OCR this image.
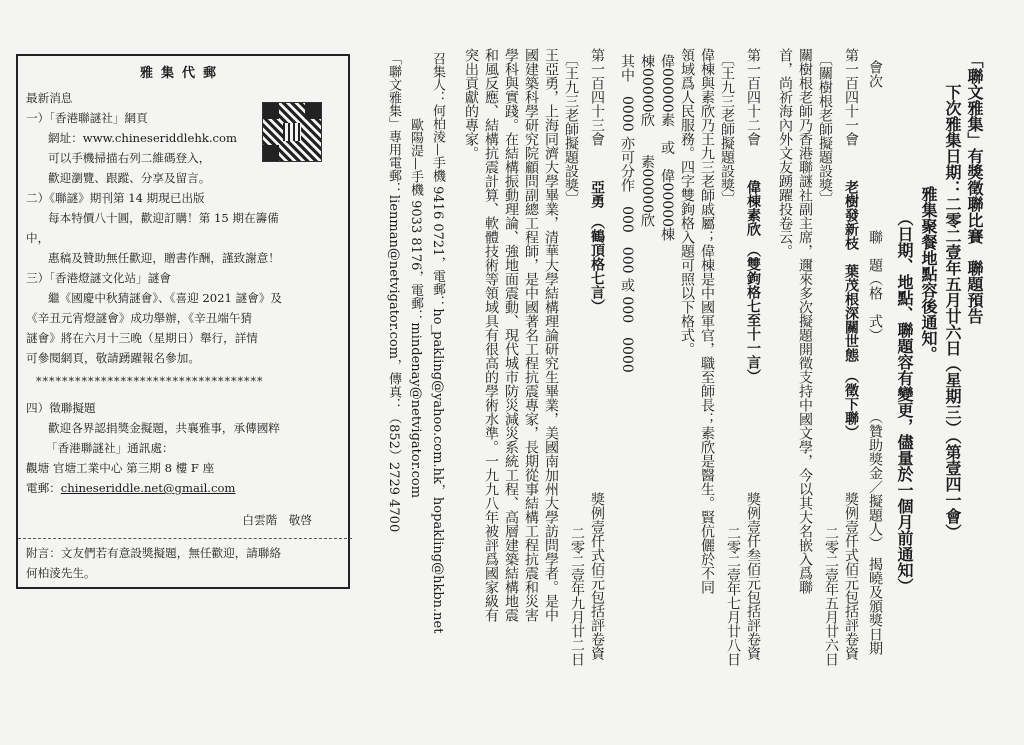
「聯文雅集」有獎徵聯比賽　聯題預告
下次雅集日期：二零二壹年五月廿六日（星期三）（第壹四一會）
雅集聚餐地點容後通知。
（日期、地點、聯題容有變更，儘量於一個月前通知）
會次
聯　題（格　式）
（贊助獎金／擬題人）　揭曉及頒獎日期
第一百四十一會
老樹發新枝　葉茂根深關世態　（徵下聯）
獎例壹仟式佰元包括評卷資
二零二壹年五月廿六日
〔關樹根老師擬題設獎〕
關樹根老師乃香港聯謎社副主席，邇來多次擬題開徵支持中國文學，今以其大名嵌入爲聯
首，尚祈海內外文友踴躍投卷云。
第一百四十二會
偉棟素欣　（雙鉤格七至十一言）
獎例壹仟叁佰元包括評卷資
二零二壹年七月廿八日
〔王九三老師擬題設獎〕
偉棟與素欣乃王九三老師戚屬；偉棟是中國軍官，職至師長；素欣是醫生。賢伉儷於不同
領域爲人民服務。四字雙鉤格入題可照以下格式。
偉00000素　或　偉00000棟
棟00000欣　　素00000欣
其中　0000 亦可分作　000　000 或 000　0000
第一百四十三會
亞勇　（鶴頂格七言）
獎例壹仟式佰元包括評卷資
二零二壹年九月廿二日
〔王九三老師擬題設獎〕
王亞勇，上海同濟大學畢業，清華大學結構理論研究生畢業，美國南加州大學訪問學者。是中
國建築科學研究院顧問副總工程師，是中國著名工程抗震專家，長期從事結構工程抗震和災害
學科與實踐。在結構振動理論、強地面震動、現代城市防災減災系統工程、高層建築結構地震
和風反應、結構抗震計算、軟體技術等領域具有很高的學術水準。一九九八年被評爲國家級有
突出貢獻的專家。
召集人：何柏淩—手機 9416 0721，電郵：ho_pakling@yahoo.com.hk，hopakling@hkbn.net
歐陽湜—手機 9033 8176，電郵：mindenay@netvigator.com
「聯文雅集」專用電郵：lienman@netvigator.com，傳真：（852）2729 4700
雅集代郵
最新消息
一）「香港聯謎社」網頁
網址：www.chineseriddlehk.com
可以手機掃描右列二維碼登入，
歡迎瀏覽、跟蹤、分享及留言。
二）《聯謎》期刊第 14 期現已出版
每本特價八十圓，歡迎訂購！第 15 期在籌備
中，
惠稿及贊助無任歡迎，贈書作酬，謹致謝意！
三）「香港燈謎文化站」謎會
繼《國慶中秋猜謎會》、《喜迎 2021 謎會》及
《辛丑元宵燈謎會》成功舉辦，《辛丑端午猜
謎會》將在六月十三晚（星期日）舉行，詳情
可參閱網頁，敬請踴躍報名參加。
***********************************
四）徵聯擬題
歡迎各界認捐獎金擬題，共襄雅事，承傳國粹
「香港聯謎社」通訊處：
觀塘 官塘工業中心 第三期 8 樓 F 座
電郵：chineseriddle.net@gmail.com
白雲階　敬啓
附言：文友們若有意設獎擬題，無任歡迎，請聯絡
何柏淩先生。
